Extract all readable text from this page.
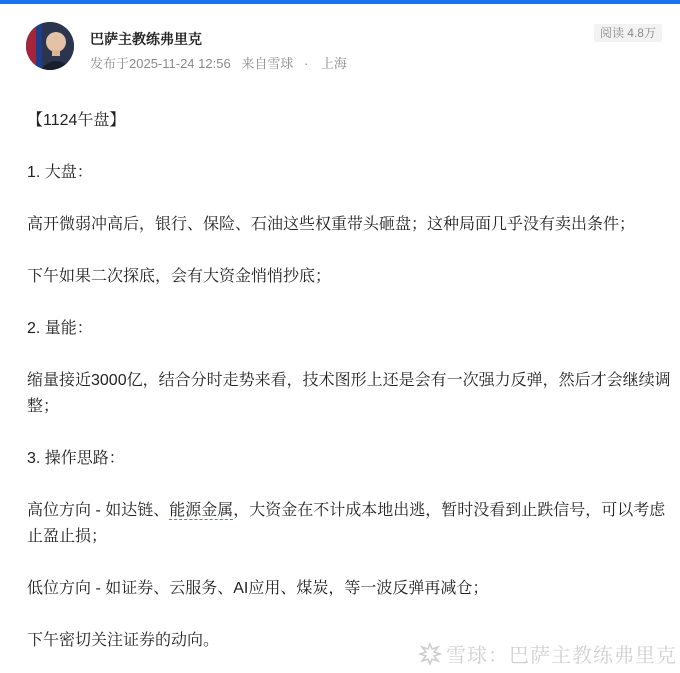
巴萨主教练弗里克
发布于2025-11-24 12:56 来自雪球 · 上海
阅读 4.8万

【1124午盘】

1. 大盘：

高开微弱冲高后，银行、保险、石油这些权重带头砸盘；这种局面几乎没有卖出条件；

下午如果二次探底，会有大资金悄悄抄底；

2. 量能：

缩量接近3000亿，结合分时走势来看，技术图形上还是会有一次强力反弹，然后才会继续调整；

3. 操作思路：

高位方向 - 如达链、能源金属，大资金在不计成本地出逃，暂时没看到止跌信号，可以考虑止盈止损；

低位方向 - 如证券、云服务、AI应用、煤炭，等一波反弹再减仓；

下午密切关注证券的动向。

雪球：巴萨主教练弗里克
